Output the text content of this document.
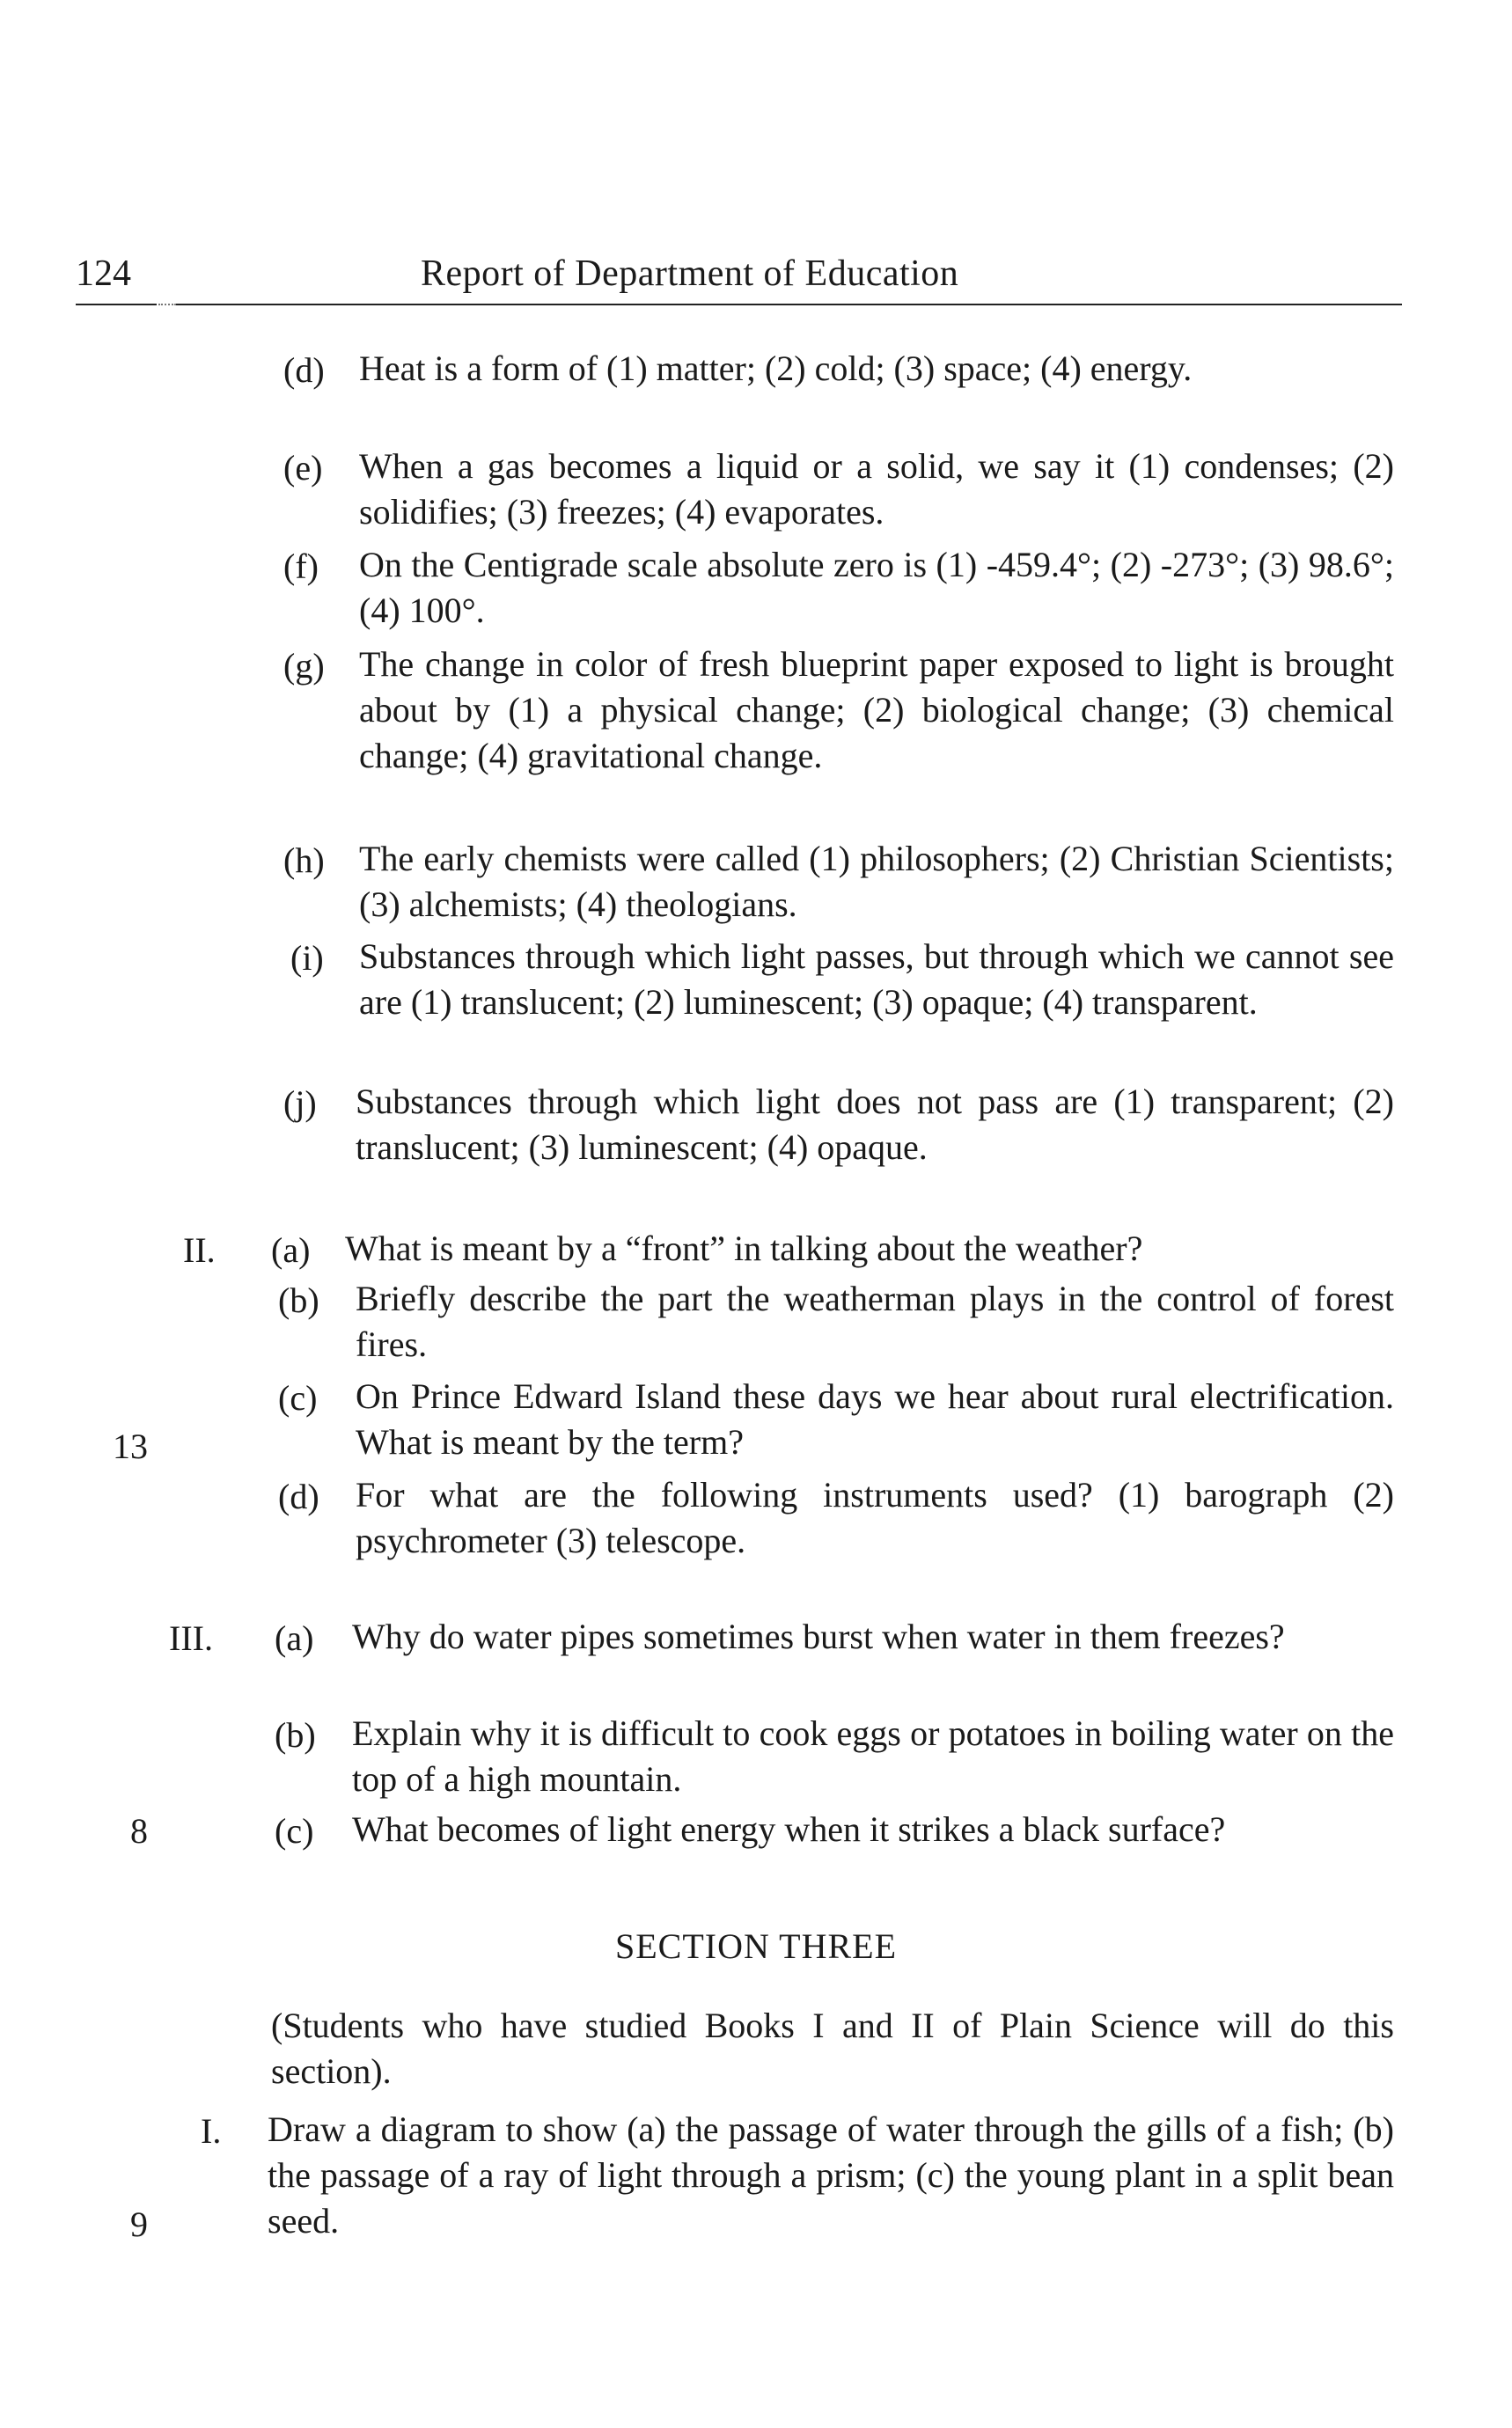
124	Report of Department of Education
(d) Heat is a form of (1) matter; (2) cold; (3) space; (4) energy.
(e) When a gas becomes a liquid or a solid, we say it (1) condenses; (2) solidifies; (3) freezes; (4) evaporates.
(f) On the Centigrade scale absolute zero is (1) -459.4°; (2) -273°; (3) 98.6°; (4) 100°.
(g) The change in color of fresh blueprint paper exposed to light is brought about by (1) a physical change; (2) biological change; (3) chemical change; (4) gravitational change.
(h) The early chemists were called (1) philosophers; (2) Christian Scientists; (3) alchemists; (4) theologians.
(i) Substances through which light passes, but through which we cannot see are (1) translucent; (2) luminescent; (3) opaque; (4) transparent.
(j) Substances through which light does not pass are (1) transparent; (2) translucent; (3) luminescent; (4) opaque.
II.
13
(a) What is meant by a “front” in talking about the weather?
(b) Briefly describe the part the weatherman plays in the control of forest fires.
(c) On Prince Edward Island these days we hear about rural electrification. What is meant by the term?
(d) For what are the following instruments used? (1) barograph (2) psychrometer (3) telescope.
III.
8
(a) Why do water pipes sometimes burst when water in them freezes?
(b) Explain why it is difficult to cook eggs or potatoes in boiling water on the top of a high mountain.
(c) What becomes of light energy when it strikes a black surface?
SECTION THREE
(Students who have studied Books I and II of Plain Science will do this section).
I.
9
Draw a diagram to show (a) the passage of water through the gills of a fish; (b) the passage of a ray of light through a prism; (c) the young plant in a split bean seed.
